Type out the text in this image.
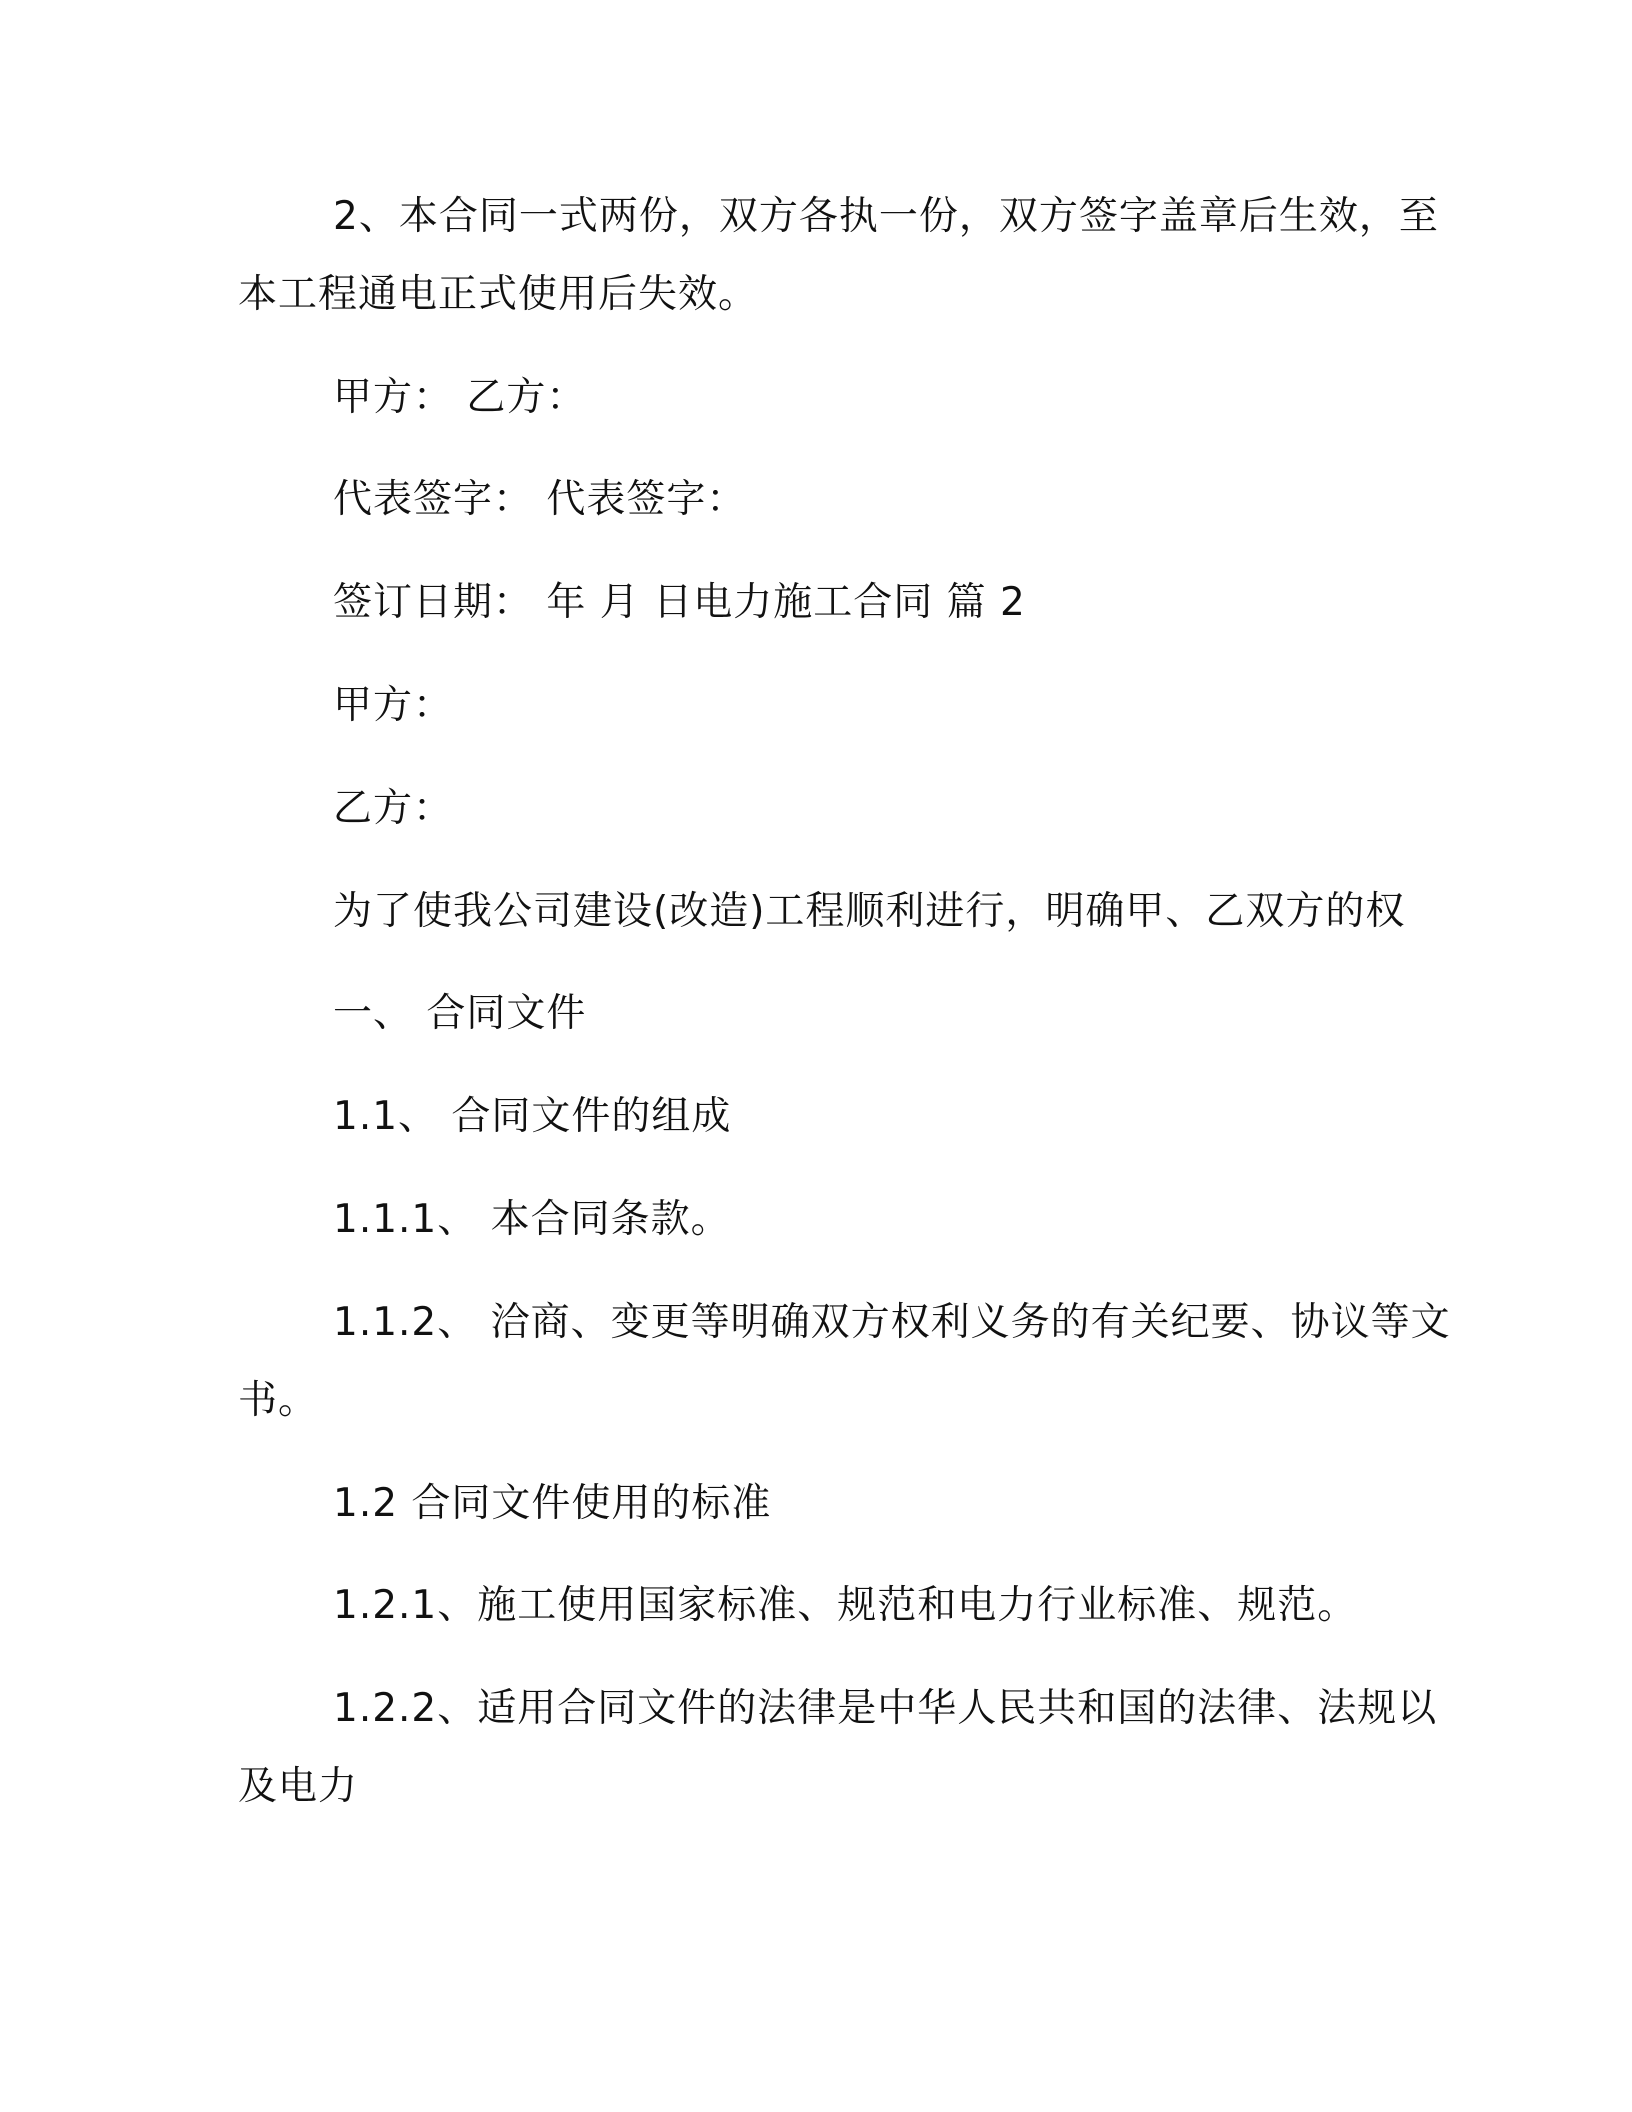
2、本合同一式两份，双方各执一份，双方签字盖章后生效，至
本工程通电正式使用后失效。
甲方： 乙方：
代表签字： 代表签字：
签订日期： 年 月 日电力施工合同 篇 2
甲方：
乙方：
为了使我公司建设(改造)工程顺利进行，明确甲、乙双方的权
一、 合同文件
1.1、 合同文件的组成
1.1.1、 本合同条款。
1.1.2、 洽商、变更等明确双方权利义务的有关纪要、协议等文
书。
1.2 合同文件使用的标准
1.2.1、施工使用国家标准、规范和电力行业标准、规范。
1.2.2、适用合同文件的法律是中华人民共和国的法律、法规以
及电力
